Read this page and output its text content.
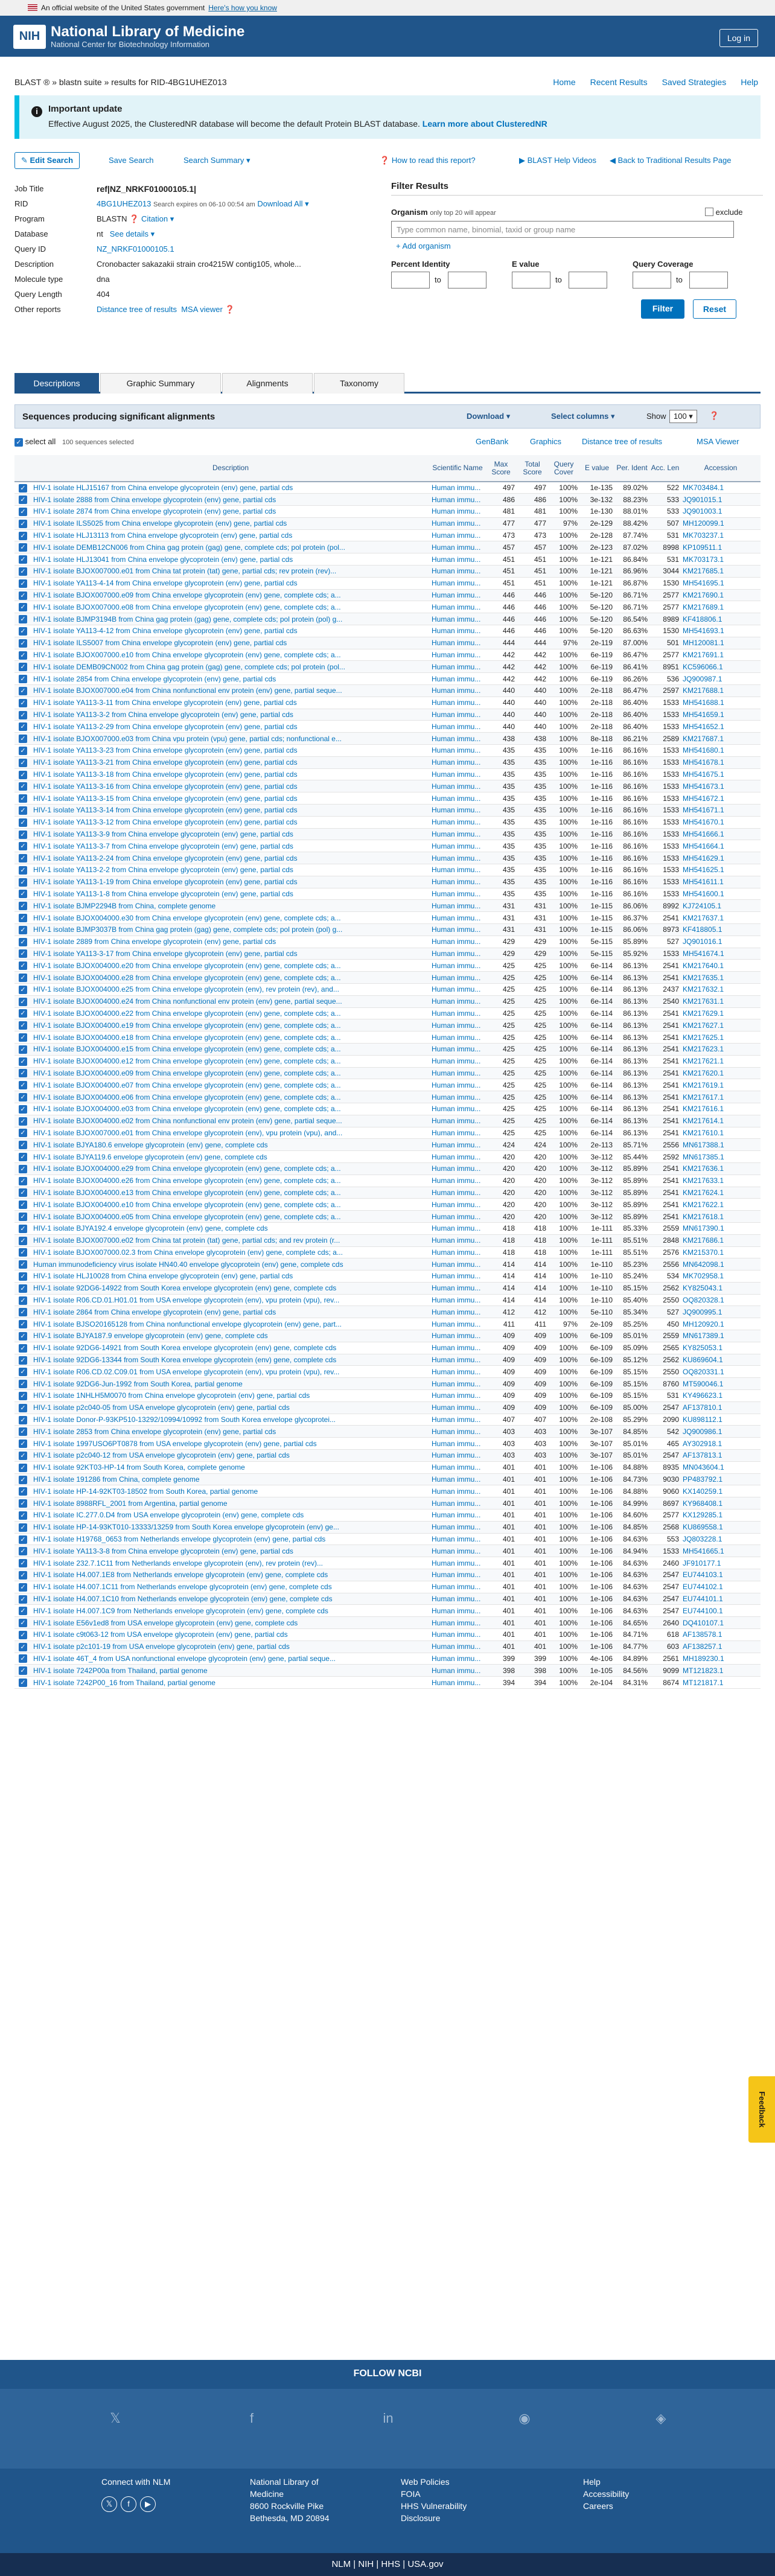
An official website of the United States government Here's how you know
NIH National Library of Medicine
National Center for Biotechnology Information
Log in
BLAST ® » blastn suite » results for RID-4BG1UHEZ013	Home Recent Results Saved Strategies Help
i	Important update
Effective August 2025, the ClusteredNR database will become the default Protein BLAST database. Learn more about ClusteredNR
✎ Edit Search	Save Search	Search Summary ▾	❓ How to read this report?	▶ BLAST Help Videos ◀ Back to Traditional Results Page
Job Title	ref|NZ_NRKF01000105.1|
RID	4BG1UHEZ013 Search expires on 06-10 00:54 am Download All ▾
Program	BLASTN ❓ Citation ▾
Database	nt See details ▾
Query ID	NZ_NRKF01000105.1
Description	Cronobacter sakazakii strain cro4215W contig105, whole...
Molecule type	dna
Query Length	404
Other reports	Distance tree of results MSA viewer ❓
Filter Results
Organism only top 20 will appear	exclude
Type common name, binomial, taxid or group name
+ Add organism
Percent Identity	E value	Query Coverage
to	to	to
Filter	Reset
Descriptions	Graphic Summary	Alignments	Taxonomy
Sequences producing significant alignments	Download ▾	Select columns ▾	Show 100 ▾	❓
✓ select all 100 sequences selected	GenBank	Graphics	Distance tree of results	MSA Viewer
	Description	Scientific Name	Max Score	Total Score	Query Cover	E value	Per. Ident	Acc. Len	Accession
✓	HIV-1 isolate HLJ15167 from China envelope glycoprotein (env) gene, partial cds	Human immu...	497	497	100%	1e-135	89.02%	522	MK703484.1
✓	HIV-1 isolate 2888 from China envelope glycoprotein (env) gene, partial cds	Human immu...	486	486	100%	3e-132	88.23%	533	JQ901015.1
✓	HIV-1 isolate 2874 from China envelope glycoprotein (env) gene, partial cds	Human immu...	481	481	100%	1e-130	88.01%	533	JQ901003.1
✓	HIV-1 isolate ILS5025 from China envelope glycoprotein (env) gene, partial cds	Human immu...	477	477	97%	2e-129	88.42%	507	MH120099.1
✓	HIV-1 isolate HLJ13113 from China envelope glycoprotein (env) gene, partial cds	Human immu...	473	473	100%	2e-128	87.74%	531	MK703237.1
✓	HIV-1 isolate DEMB12CN006 from China gag protein (gag) gene, complete cds; pol protein (pol...	Human immu...	457	457	100%	2e-123	87.02%	8998	KP109511.1
✓	HIV-1 isolate HLJ13041 from China envelope glycoprotein (env) gene, partial cds	Human immu...	451	451	100%	1e-121	86.84%	531	MK703173.1
✓	HIV-1 isolate BJOX007000.e01 from China tat protein (tat) gene, partial cds; rev protein (rev)...	Human immu...	451	451	100%	1e-121	86.96%	3044	KM217685.1
✓	HIV-1 isolate YA113-4-14 from China envelope glycoprotein (env) gene, partial cds	Human immu...	451	451	100%	1e-121	86.87%	1530	MH541695.1
✓	HIV-1 isolate BJOX007000.e09 from China envelope glycoprotein (env) gene, complete cds; a...	Human immu...	446	446	100%	5e-120	86.71%	2577	KM217690.1
✓	HIV-1 isolate BJOX007000.e08 from China envelope glycoprotein (env) gene, complete cds; a...	Human immu...	446	446	100%	5e-120	86.71%	2577	KM217689.1
✓	HIV-1 isolate BJMP3194B from China gag protein (gag) gene, complete cds; pol protein (pol) g...	Human immu...	446	446	100%	5e-120	86.54%	8989	KF418806.1
✓	HIV-1 isolate YA113-4-12 from China envelope glycoprotein (env) gene, partial cds	Human immu...	446	446	100%	5e-120	86.63%	1530	MH541693.1
✓	HIV-1 isolate ILS5007 from China envelope glycoprotein (env) gene, partial cds	Human immu...	444	444	97%	2e-119	87.00%	501	MH120081.1
✓	HIV-1 isolate BJOX007000.e10 from China envelope glycoprotein (env) gene, complete cds; a...	Human immu...	442	442	100%	6e-119	86.47%	2577	KM217691.1
✓	HIV-1 isolate DEMB09CN002 from China gag protein (gag) gene, complete cds; pol protein (pol...	Human immu...	442	442	100%	6e-119	86.41%	8951	KC596066.1
✓	HIV-1 isolate 2854 from China envelope glycoprotein (env) gene, partial cds	Human immu...	442	442	100%	6e-119	86.26%	536	JQ900987.1
✓	HIV-1 isolate BJOX007000.e04 from China nonfunctional env protein (env) gene, partial seque...	Human immu...	440	440	100%	2e-118	86.47%	2597	KM217688.1
✓	HIV-1 isolate YA113-3-11 from China envelope glycoprotein (env) gene, partial cds	Human immu...	440	440	100%	2e-118	86.40%	1533	MH541688.1
✓	HIV-1 isolate YA113-3-2 from China envelope glycoprotein (env) gene, partial cds	Human immu...	440	440	100%	2e-118	86.40%	1533	MH541659.1
✓	HIV-1 isolate YA113-2-29 from China envelope glycoprotein (env) gene, partial cds	Human immu...	440	440	100%	2e-118	86.40%	1533	MH541652.1
✓	HIV-1 isolate BJOX007000.e03 from China vpu protein (vpu) gene, partial cds; nonfunctional e...	Human immu...	438	438	100%	8e-118	86.21%	2589	KM217687.1
✓	HIV-1 isolate YA113-3-23 from China envelope glycoprotein (env) gene, partial cds	Human immu...	435	435	100%	1e-116	86.16%	1533	MH541680.1
✓	HIV-1 isolate YA113-3-21 from China envelope glycoprotein (env) gene, partial cds	Human immu...	435	435	100%	1e-116	86.16%	1533	MH541678.1
✓	HIV-1 isolate YA113-3-18 from China envelope glycoprotein (env) gene, partial cds	Human immu...	435	435	100%	1e-116	86.16%	1533	MH541675.1
✓	HIV-1 isolate YA113-3-16 from China envelope glycoprotein (env) gene, partial cds	Human immu...	435	435	100%	1e-116	86.16%	1533	MH541673.1
✓	HIV-1 isolate YA113-3-15 from China envelope glycoprotein (env) gene, partial cds	Human immu...	435	435	100%	1e-116	86.16%	1533	MH541672.1
✓	HIV-1 isolate YA113-3-14 from China envelope glycoprotein (env) gene, partial cds	Human immu...	435	435	100%	1e-116	86.16%	1533	MH541671.1
✓	HIV-1 isolate YA113-3-12 from China envelope glycoprotein (env) gene, partial cds	Human immu...	435	435	100%	1e-116	86.16%	1533	MH541670.1
✓	HIV-1 isolate YA113-3-9 from China envelope glycoprotein (env) gene, partial cds	Human immu...	435	435	100%	1e-116	86.16%	1533	MH541666.1
✓	HIV-1 isolate YA113-3-7 from China envelope glycoprotein (env) gene, partial cds	Human immu...	435	435	100%	1e-116	86.16%	1533	MH541664.1
✓	HIV-1 isolate YA113-2-24 from China envelope glycoprotein (env) gene, partial cds	Human immu...	435	435	100%	1e-116	86.16%	1533	MH541629.1
✓	HIV-1 isolate YA113-2-2 from China envelope glycoprotein (env) gene, partial cds	Human immu...	435	435	100%	1e-116	86.16%	1533	MH541625.1
✓	HIV-1 isolate YA113-1-19 from China envelope glycoprotein (env) gene, partial cds	Human immu...	435	435	100%	1e-116	86.16%	1533	MH541611.1
✓	HIV-1 isolate YA113-1-8 from China envelope glycoprotein (env) gene, partial cds	Human immu...	435	435	100%	1e-116	86.16%	1533	MH541600.1
✓	HIV-1 isolate BJMP2294B from China, complete genome	Human immu...	431	431	100%	1e-115	86.06%	8992	KJ724105.1
✓	HIV-1 isolate BJOX004000.e30 from China envelope glycoprotein (env) gene, complete cds; a...	Human immu...	431	431	100%	1e-115	86.37%	2541	KM217637.1
✓	HIV-1 isolate BJMP3037B from China gag protein (gag) gene, complete cds; pol protein (pol) g...	Human immu...	431	431	100%	1e-115	86.06%	8973	KF418805.1
✓	HIV-1 isolate 2889 from China envelope glycoprotein (env) gene, partial cds	Human immu...	429	429	100%	5e-115	85.89%	527	JQ901016.1
✓	HIV-1 isolate YA113-3-17 from China envelope glycoprotein (env) gene, partial cds	Human immu...	429	429	100%	5e-115	85.92%	1533	MH541674.1
✓	HIV-1 isolate BJOX004000.e20 from China envelope glycoprotein (env) gene, complete cds; a...	Human immu...	425	425	100%	6e-114	86.13%	2541	KM217640.1
✓	HIV-1 isolate BJOX004000.e28 from China envelope glycoprotein (env) gene, complete cds; a...	Human immu...	425	425	100%	6e-114	86.13%	2541	KM217635.1
✓	HIV-1 isolate BJOX004000.e25 from China envelope glycoprotein (env), rev protein (rev), and...	Human immu...	425	425	100%	6e-114	86.13%	2437	KM217632.1
✓	HIV-1 isolate BJOX004000.e24 from China nonfunctional env protein (env) gene, partial seque...	Human immu...	425	425	100%	6e-114	86.13%	2540	KM217631.1
✓	HIV-1 isolate BJOX004000.e22 from China envelope glycoprotein (env) gene, complete cds; a...	Human immu...	425	425	100%	6e-114	86.13%	2541	KM217629.1
✓	HIV-1 isolate BJOX004000.e19 from China envelope glycoprotein (env) gene, complete cds; a...	Human immu...	425	425	100%	6e-114	86.13%	2541	KM217627.1
✓	HIV-1 isolate BJOX004000.e18 from China envelope glycoprotein (env) gene, complete cds; a...	Human immu...	425	425	100%	6e-114	86.13%	2541	KM217625.1
✓	HIV-1 isolate BJOX004000.e15 from China envelope glycoprotein (env) gene, complete cds; a...	Human immu...	425	425	100%	6e-114	86.13%	2541	KM217623.1
✓	HIV-1 isolate BJOX004000.e12 from China envelope glycoprotein (env) gene, complete cds; a...	Human immu...	425	425	100%	6e-114	86.13%	2541	KM217621.1
✓	HIV-1 isolate BJOX004000.e09 from China envelope glycoprotein (env) gene, complete cds; a...	Human immu...	425	425	100%	6e-114	86.13%	2541	KM217620.1
✓	HIV-1 isolate BJOX004000.e07 from China envelope glycoprotein (env) gene, complete cds; a...	Human immu...	425	425	100%	6e-114	86.13%	2541	KM217619.1
✓	HIV-1 isolate BJOX004000.e06 from China envelope glycoprotein (env) gene, complete cds; a...	Human immu...	425	425	100%	6e-114	86.13%	2541	KM217617.1
✓	HIV-1 isolate BJOX004000.e03 from China envelope glycoprotein (env) gene, complete cds; a...	Human immu...	425	425	100%	6e-114	86.13%	2541	KM217616.1
✓	HIV-1 isolate BJOX004000.e02 from China nonfunctional env protein (env) gene, partial seque...	Human immu...	425	425	100%	6e-114	86.13%	2541	KM217614.1
✓	HIV-1 isolate BJOX007000.e01 from China envelope glycoprotein (env), vpu protein (vpu), and...	Human immu...	425	425	100%	6e-114	86.13%	2541	KM217610.1
✓	HIV-1 isolate BJYA180.6 envelope glycoprotein (env) gene, complete cds	Human immu...	424	424	100%	2e-113	85.71%	2556	MN617388.1
✓	HIV-1 isolate BJYA119.6 envelope glycoprotein (env) gene, complete cds	Human immu...	420	420	100%	3e-112	85.44%	2592	MN617385.1
✓	HIV-1 isolate BJOX004000.e29 from China envelope glycoprotein (env) gene, complete cds; a...	Human immu...	420	420	100%	3e-112	85.89%	2541	KM217636.1
✓	HIV-1 isolate BJOX004000.e26 from China envelope glycoprotein (env) gene, complete cds; a...	Human immu...	420	420	100%	3e-112	85.89%	2541	KM217633.1
✓	HIV-1 isolate BJOX004000.e13 from China envelope glycoprotein (env) gene, complete cds; a...	Human immu...	420	420	100%	3e-112	85.89%	2541	KM217624.1
✓	HIV-1 isolate BJOX004000.e10 from China envelope glycoprotein (env) gene, complete cds; a...	Human immu...	420	420	100%	3e-112	85.89%	2541	KM217622.1
✓	HIV-1 isolate BJOX004000.e05 from China envelope glycoprotein (env) gene, complete cds; a...	Human immu...	420	420	100%	3e-112	85.89%	2541	KM217618.1
✓	HIV-1 isolate BJYA192.4 envelope glycoprotein (env) gene, complete cds	Human immu...	418	418	100%	1e-111	85.33%	2559	MN617390.1
✓	HIV-1 isolate BJOX007000.e02 from China tat protein (tat) gene, partial cds; and rev protein (r...	Human immu...	418	418	100%	1e-111	85.51%	2848	KM217686.1
✓	HIV-1 isolate BJOX007000.02.3 from China envelope glycoprotein (env) gene, complete cds; a...	Human immu...	418	418	100%	1e-111	85.51%	2576	KM215370.1
✓	Human immunodeficiency virus isolate HN40.40 envelope glycoprotein (env) gene, complete cds	Human immu...	414	414	100%	1e-110	85.23%	2556	MN642098.1
✓	HIV-1 isolate HLJ10028 from China envelope glycoprotein (env) gene, partial cds	Human immu...	414	414	100%	1e-110	85.24%	534	MK702958.1
✓	HIV-1 isolate 92DG6-14922 from South Korea envelope glycoprotein (env) gene, complete cds	Human immu...	414	414	100%	1e-110	85.15%	2562	KY825043.1
✓	HIV-1 isolate R06.CD.01.H01.01 from USA envelope glycoprotein (env), vpu protein (vpu), rev...	Human immu...	414	414	100%	1e-110	85.40%	2550	OQ820328.1
✓	HIV-1 isolate 2864 from China envelope glycoprotein (env) gene, partial cds	Human immu...	412	412	100%	5e-110	85.34%	527	JQ900995.1
✓	HIV-1 isolate BJSO20165128 from China nonfunctional envelope glycoprotein (env) gene, part...	Human immu...	411	411	97%	2e-109	85.25%	450	MH120920.1
✓	HIV-1 isolate BJYA187.9 envelope glycoprotein (env) gene, complete cds	Human immu...	409	409	100%	6e-109	85.01%	2559	MN617389.1
✓	HIV-1 isolate 92DG6-14921 from South Korea envelope glycoprotein (env) gene, complete cds	Human immu...	409	409	100%	6e-109	85.09%	2565	KY825053.1
✓	HIV-1 isolate 92DG6-13344 from South Korea envelope glycoprotein (env) gene, complete cds	Human immu...	409	409	100%	6e-109	85.12%	2562	KU869604.1
✓	HIV-1 isolate R06.CD.02.C09.01 from USA envelope glycoprotein (env), vpu protein (vpu), rev...	Human immu...	409	409	100%	6e-109	85.15%	2550	OQ820331.1
✓	HIV-1 isolate 92DG6-Jun-1992 from South Korea, partial genome	Human immu...	409	409	100%	6e-109	85.15%	8760	MT590046.1
✓	HIV-1 isolate 1NHLH5M0070 from China envelope glycoprotein (env) gene, partial cds	Human immu...	409	409	100%	6e-109	85.15%	531	KY496623.1
✓	HIV-1 isolate p2c040-05 from USA envelope glycoprotein (env) gene, partial cds	Human immu...	409	409	100%	6e-109	85.00%	2547	AF137810.1
✓	HIV-1 isolate Donor-P-93KP510-13292/10994/10992 from South Korea envelope glycoprotei...	Human immu...	407	407	100%	2e-108	85.29%	2090	KU898112.1
✓	HIV-1 isolate 2853 from China envelope glycoprotein (env) gene, partial cds	Human immu...	403	403	100%	3e-107	84.85%	542	JQ900986.1
✓	HIV-1 isolate 1997USO6PT0878 from USA envelope glycoprotein (env) gene, partial cds	Human immu...	403	403	100%	3e-107	85.01%	465	AY302918.1
✓	HIV-1 isolate p2c040-12 from USA envelope glycoprotein (env) gene, partial cds	Human immu...	403	403	100%	3e-107	85.01%	2547	AF137813.1
✓	HIV-1 isolate 92KT03-HP-14 from South Korea, complete genome	Human immu...	401	401	100%	1e-106	84.88%	8935	MN043604.1
✓	HIV-1 isolate 191286 from China, complete genome	Human immu...	401	401	100%	1e-106	84.73%	9030	PP483792.1
✓	HIV-1 isolate HP-14-92KT03-18502 from South Korea, partial genome	Human immu...	401	401	100%	1e-106	84.88%	9060	KX140259.1
✓	HIV-1 isolate 8988RFL_2001 from Argentina, partial genome	Human immu...	401	401	100%	1e-106	84.99%	8697	KY968408.1
✓	HIV-1 isolate IC.277.0.D4 from USA envelope glycoprotein (env) gene, complete cds	Human immu...	401	401	100%	1e-106	84.60%	2577	KX129285.1
✓	HIV-1 isolate HP-14-93KT010-13333/13259 from South Korea envelope glycoprotein (env) ge...	Human immu...	401	401	100%	1e-106	84.85%	2568	KU869558.1
✓	HIV-1 isolate H19768_0653 from Netherlands envelope glycoprotein (env) gene, partial cds	Human immu...	401	401	100%	1e-106	84.63%	553	JQ803228.1
✓	HIV-1 isolate YA113-3-8 from China envelope glycoprotein (env) gene, partial cds	Human immu...	401	401	100%	1e-106	84.94%	1533	MH541665.1
✓	HIV-1 isolate 232.7.1C11 from Netherlands envelope glycoprotein (env), rev protein (rev)...	Human immu...	401	401	100%	1e-106	84.63%	2460	JF910177.1
✓	HIV-1 isolate H4.007.1E8 from Netherlands envelope glycoprotein (env) gene, complete cds	Human immu...	401	401	100%	1e-106	84.63%	2547	EU744103.1
✓	HIV-1 isolate H4.007.1C11 from Netherlands envelope glycoprotein (env) gene, complete cds	Human immu...	401	401	100%	1e-106	84.63%	2547	EU744102.1
✓	HIV-1 isolate H4.007.1C10 from Netherlands envelope glycoprotein (env) gene, complete cds	Human immu...	401	401	100%	1e-106	84.63%	2547	EU744101.1
✓	HIV-1 isolate H4.007.1C9 from Netherlands envelope glycoprotein (env) gene, complete cds	Human immu...	401	401	100%	1e-106	84.63%	2547	EU744100.1
✓	HIV-1 isolate E56v1ed8 from USA envelope glycoprotein (env) gene, complete cds	Human immu...	401	401	100%	1e-106	84.65%	2640	DQ410107.1
✓	HIV-1 isolate c9t063-12 from USA envelope glycoprotein (env) gene, partial cds	Human immu...	401	401	100%	1e-106	84.71%	618	AF138578.1
✓	HIV-1 isolate p2c101-19 from USA envelope glycoprotein (env) gene, partial cds	Human immu...	401	401	100%	1e-106	84.77%	603	AF138257.1
✓	HIV-1 isolate 46T_4 from USA nonfunctional envelope glycoprotein (env) gene, partial seque...	Human immu...	399	399	100%	4e-106	84.89%	2561	MH189230.1
✓	HIV-1 isolate 7242P00a from Thailand, partial genome	Human immu...	398	398	100%	1e-105	84.56%	9099	MT121823.1
✓	HIV-1 isolate 7242P00_16 from Thailand, partial genome	Human immu...	394	394	100%	2e-104	84.31%	8674	MT121817.1
Feedback
FOLLOW NCBI
𝕏	f	in	◉	◈
Connect with NLM
𝕏 f ▶
National Library of
Medicine
8600 Rockville Pike
Bethesda, MD 20894
Web Policies
FOIA
HHS Vulnerability
Disclosure
Help
Accessibility
Careers
NLM | NIH | HHS | USA.gov
